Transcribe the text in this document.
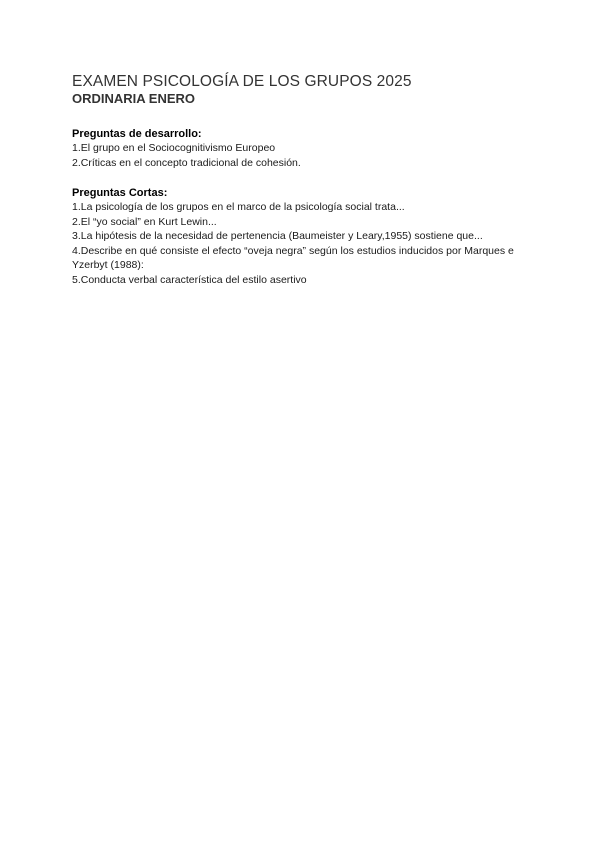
EXAMEN PSICOLOGÍA DE LOS GRUPOS 2025
ORDINARIA ENERO

Preguntas de desarrollo:

1.El grupo en el Sociocognitivismo Europeo

2.Críticas en el concepto tradicional de cohesión.

Preguntas Cortas:

1.La psicología de los grupos en el marco de la psicología social trata...

2.El “yo social” en Kurt Lewin...

3.La hipótesis de la necesidad de pertenencia (Baumeister y Leary,1955) sostiene que...

4.Describe en qué consiste el efecto “oveja negra” según los estudios inducidos por Marques e Yzerbyt (1988):

5.Conducta verbal característica del estilo asertivo
